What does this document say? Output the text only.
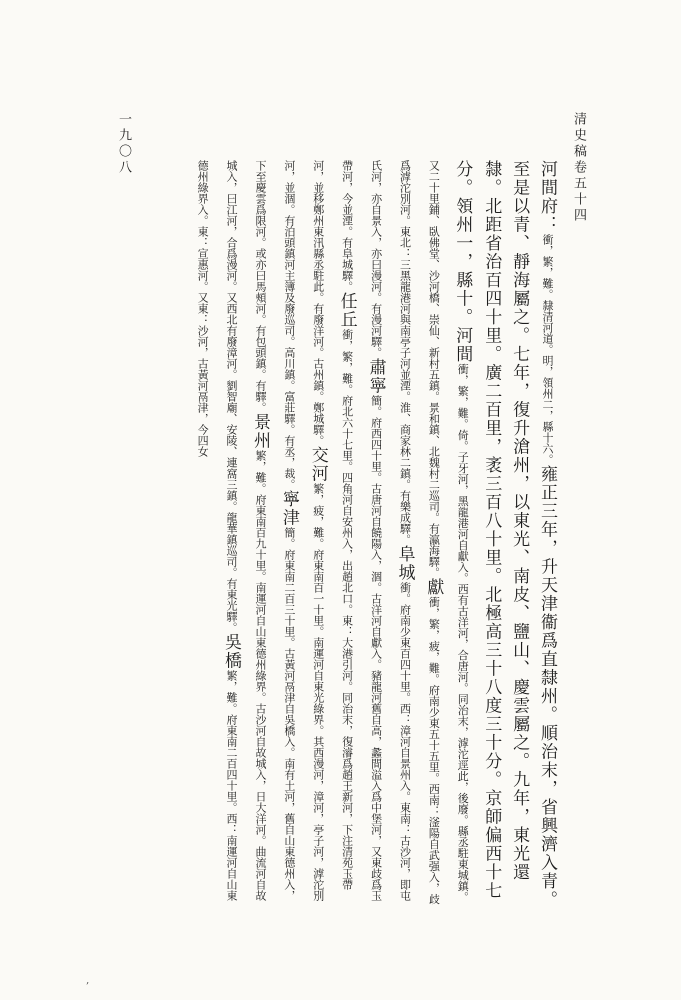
清史稿卷五十四
一九〇八
河間府：衝，繁，難。隸清河道。明，領州二，縣十六。雍正三年，升天津衞爲直隸州。順治末，省興濟入青。至是以青、靜海屬之。七年，復升滄州，以東光、南皮、鹽山、慶雲屬之。九年，東光還隸。北距省治百四十里。廣二百里，袤三百八十里。北極高三十八度三十分。京師偏西十七分。領州一，縣十。河間衝，繁，難。倚。子牙河，黑龍港河自獻入。西有古洋河，合唐河。同治末，滹沱逕此，後廢。縣丞駐東城鎮。又二十里鋪、臥佛堂、沙河橋、崇仙、新村五鎮。景和鎮、北魏村二巡司。有瀛海驛。獻衝，繁，疲，難。府南少東五十五里。西南：滏陽自武强入，歧爲滹沱別河。東北：三黑龍港河與南亭子河並湮。淮、商家林二鎮。有樂成驛。阜城衝。府南少東百四十里。西：漳河自景州入。東南：古沙河，即屯氏河，亦自景入，亦曰漫河。有漫河驛。肅寧簡。府西四十里。古唐河自饒陽入，涸。古洋河自獻入。豬龍河舊自高，蠡間溢入爲中堡河，又東歧爲玉帶河，今並湮。有阜城驛。任丘衝，繁，難。府北六十七里。四角河自安州入，出趙北口。東：大港引河。同治末，復濬爲趙王新河，下注清苑玉帶河，並移鄭州東汛縣丞駐此。有廢洋河。古州鎮。鄭城驛。交河繁，疲，難。府東南百一十里。南運河自東光綠界。其西漫河，漳河，亭子河，滹沱別河，並涸。有泊頭鎮河主簿及廢巡司。高川鎮。富莊驛。有丞，裁。寧津簡。府東南二百三十里。古黃河鬲津自吳橋入。南有土河，舊自山東德州入，下至慶雲爲限河。或亦曰馬頰河。有包頭鎮。有驛。景州繁，難。府東南百九十里。南運河自山東德州綠界。古沙河自故城入，日大洋河。曲流河自故城入，曰江河，合爲漫河。又西北有廢漳河。劉智廟、安陵、連窩三鎮。龍華鎮巡司。有東光驛。吳橋繁，難。府東南二百四十里。西：南運河自山東德州綠界入。東：宣惠河。又東：沙河，古黃河鬲津，今四女
‚
